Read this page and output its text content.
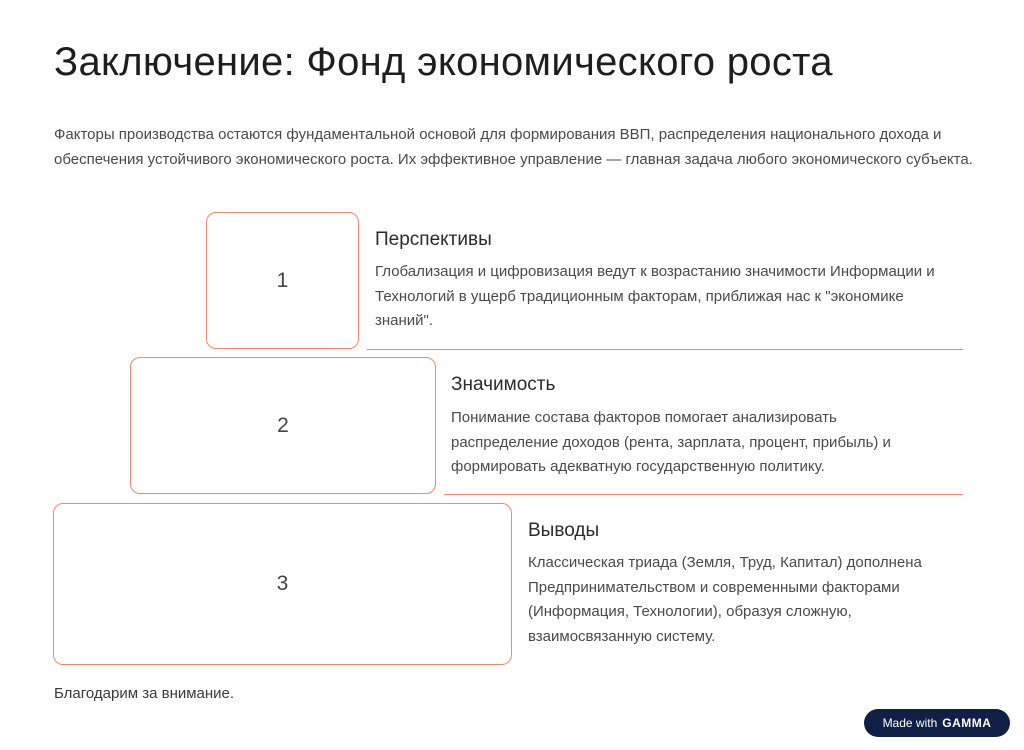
Заключение: Фонд экономического роста

Факторы производства остаются фундаментальной основой для формирования ВВП, распределения национального дохода и обеспечения устойчивого экономического роста. Их эффективное управление — главная задача любого экономического субъекта.

1
Перспективы

Глобализация и цифровизация ведут к возрастанию значимости Информации и Технологий в ущерб традиционным факторам, приближая нас к "экономике знаний".

2
Значимость

Понимание состава факторов помогает анализировать распределение доходов (рента, зарплата, процент, прибыль) и формировать адекватную государственную политику.

3
Выводы

Классическая триада (Земля, Труд, Капитал) дополнена Предпринимательством и современными факторами (Информация, Технологии), образуя сложную, взаимосвязанную систему.

Благодарим за внимание.

Made with GAMMA
